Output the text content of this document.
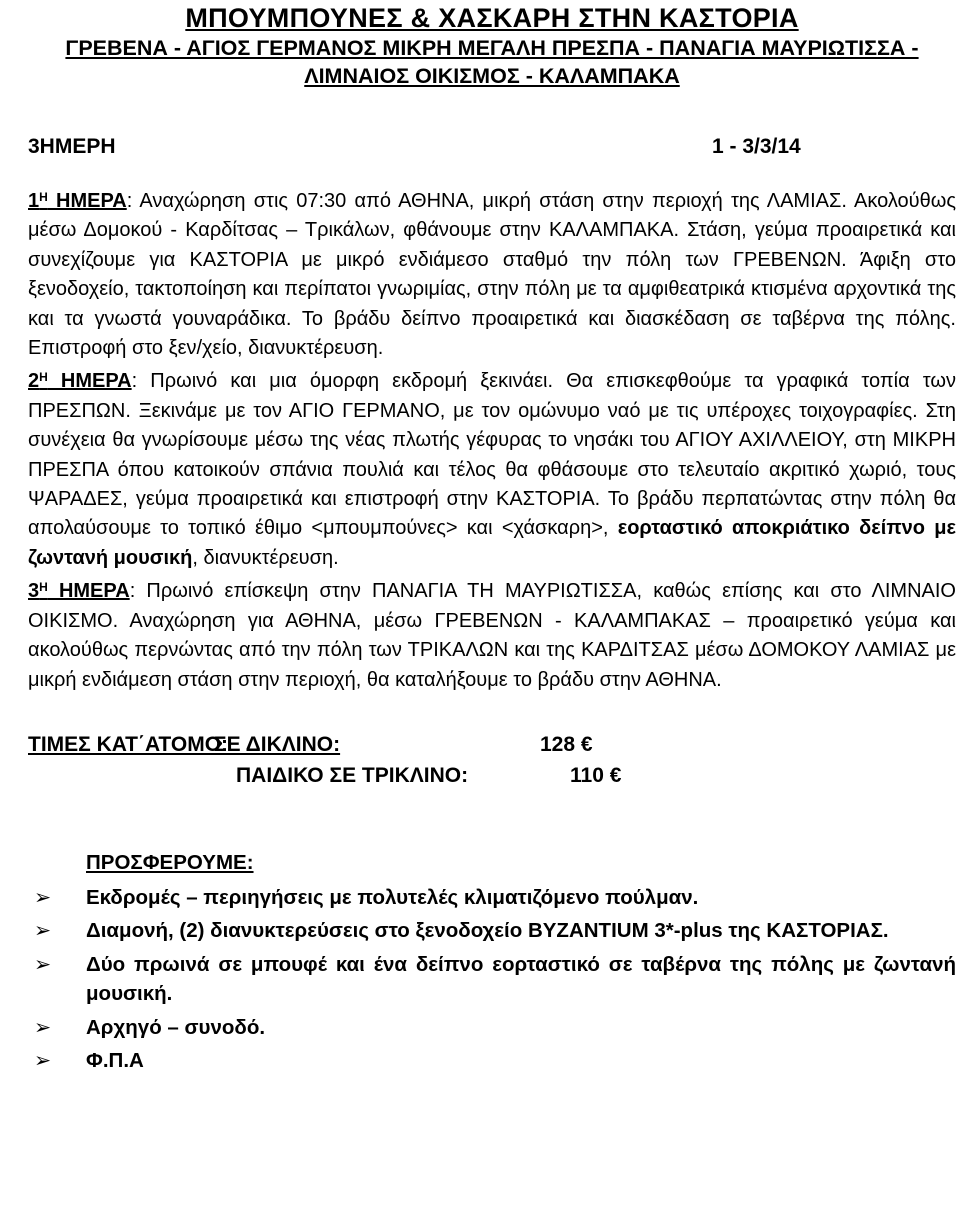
ΜΠΟΥΜΠΟΥΝΕΣ & ΧΑΣΚΑΡΗ ΣΤΗΝ ΚΑΣΤΟΡΙΑ
ΓΡΕΒΕΝΑ - ΑΓΙΟΣ ΓΕΡΜΑΝΟΣ ΜΙΚΡΗ ΜΕΓΑΛΗ ΠΡΕΣΠΑ - ΠΑΝΑΓΙΑ ΜΑΥΡΙΩΤΙΣΣΑ -
ΛΙΜΝΑΙΟΣ ΟΙΚΙΣΜΟΣ - ΚΑΛΑΜΠΑΚΑ
3ΗΜΕΡΗ	1 - 3/3/14

$1^H$ ΗΜΕΡΑ: Αναχώρηση στις 07:30 από ΑΘΗΝΑ, μικρή στάση στην περιοχή της ΛΑΜΙΑΣ. Ακολούθως μέσω Δομοκού - Καρδίτσας – Τρικάλων, φθάνουμε στην ΚΑΛΑΜΠΑΚΑ. Στάση, γεύμα προαιρετικά και συνεχίζουμε για ΚΑΣΤΟΡΙΑ με μικρό ενδιάμεσο σταθμό την πόλη των ΓΡΕΒΕΝΩΝ. Άφιξη στο ξενοδοχείο, τακτοποίηση και περίπατοι γνωριμίας, στην πόλη με τα αμφιθεατρικά κτισμένα αρχοντικά της και τα γνωστά γουναράδικα. Το βράδυ δείπνο προαιρετικά και διασκέδαση σε ταβέρνα της πόλης. Επιστροφή στο ξεν/χείο, διανυκτέρευση.

$2^H$ ΗΜΕΡΑ: Πρωινό και μια όμορφη εκδρομή ξεκινάει. Θα επισκεφθούμε τα γραφικά τοπία των ΠΡΕΣΠΩΝ. Ξεκινάμε με τον ΑΓΙΟ ΓΕΡΜΑΝΟ, με τον ομώνυμο ναό με τις υπέροχες τοιχογραφίες. Στη συνέχεια θα γνωρίσουμε μέσω της νέας πλωτής γέφυρας το νησάκι του ΑΓΙΟΥ ΑΧΙΛΛΕΙΟΥ, στη ΜΙΚΡΗ ΠΡΕΣΠΑ όπου κατοικούν σπάνια πουλιά και τέλος θα φθάσουμε στο τελευταίο ακριτικό χωριό, τους ΨΑΡΑΔΕΣ, γεύμα προαιρετικά και επιστροφή στην ΚΑΣΤΟΡΙΑ. Το βράδυ περπατώντας στην πόλη θα απολαύσουμε το τοπικό έθιμο <μπουμπούνες> και <χάσκαρη>, εορταστικό αποκριάτικο δείπνο με ζωντανή μουσική, διανυκτέρευση.

$3^H$ ΗΜΕΡΑ: Πρωινό επίσκεψη στην ΠΑΝΑΓΙΑ ΤΗ ΜΑΥΡΙΩΤΙΣΣΑ, καθώς επίσης και στο ΛΙΜΝΑΙΟ ΟΙΚΙΣΜΟ. Αναχώρηση για ΑΘΗΝΑ, μέσω ΓΡΕΒΕΝΩΝ - ΚΑΛΑΜΠΑΚΑΣ – προαιρετικό γεύμα και ακολούθως περνώντας από την πόλη των ΤΡΙΚΑΛΩΝ και της ΚΑΡΔΙΤΣΑΣ μέσω ΔΟΜΟΚΟΥ ΛΑΜΙΑΣ με μικρή ενδιάμεση στάση στην περιοχή, θα καταλήξουμε το βράδυ στην ΑΘΗΝΑ.

ΤΙΜΕΣ ΚΑΤ΄ΑΤΟΜΟ:
ΣΕ ΔΙΚΛΙΝΟ:	128 €
ΠΑΙΔΙΚΟ ΣΕ ΤΡΙΚΛΙΝΟ:	110 €
ΠΡΟΣΦΕΡΟΥΜΕ:
➢ Εκδρομές – περιηγήσεις με πολυτελές κλιματιζόμενο πούλμαν.
➢ Διαμονή, (2) διανυκτερεύσεις στο ξενοδοχείο BYZANTIUM 3*-plus της ΚΑΣΤΟΡΙΑΣ.
➢ Δύο πρωινά σε μπουφέ και ένα δείπνο εορταστικό σε ταβέρνα της πόλης με ζωντανή μουσική.
➢ Αρχηγό – συνοδό.
➢ Φ.Π.Α
